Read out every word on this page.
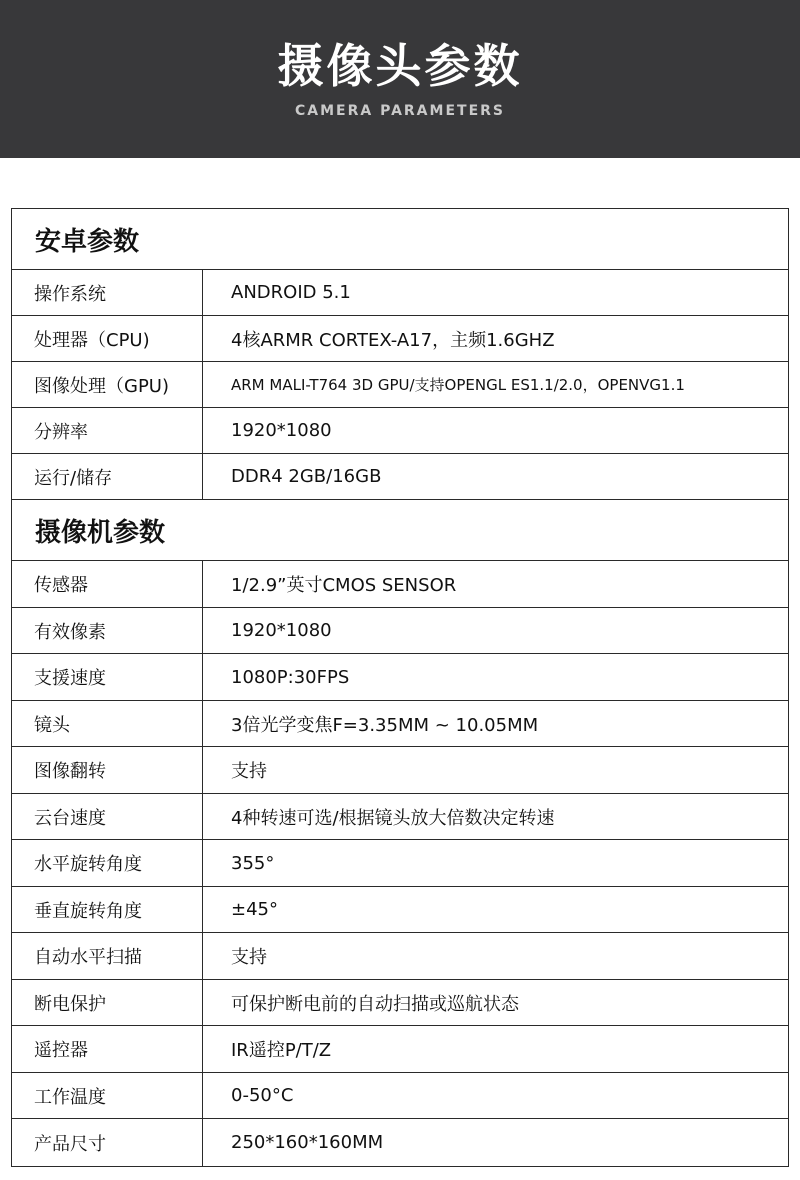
摄像头参数
CAMERA PARAMETERS
安卓参数
操作系统	ANDROID 5.1
处理器（CPU)	4核ARMR CORTEX-A17，主频1.6GHZ
图像处理（GPU)	ARM MALI-T764 3D GPU/支持OPENGL ES1.1/2.0，OPENVG1.1
分辨率	1920*1080
运行/储存	DDR4 2GB/16GB
摄像机参数
传感器	1/2.9”英寸CMOS SENSOR
有效像素	1920*1080
支援速度	1080P:30FPS
镜头	3倍光学变焦F=3.35MM ~ 10.05MM
图像翻转	支持
云台速度	4种转速可选/根据镜头放大倍数决定转速
水平旋转角度	355°
垂直旋转角度	±45°
自动水平扫描	支持
断电保护	可保护断电前的自动扫描或巡航状态
遥控器	IR遥控P/T/Z
工作温度	0-50°C
产品尺寸	250*160*160MM
